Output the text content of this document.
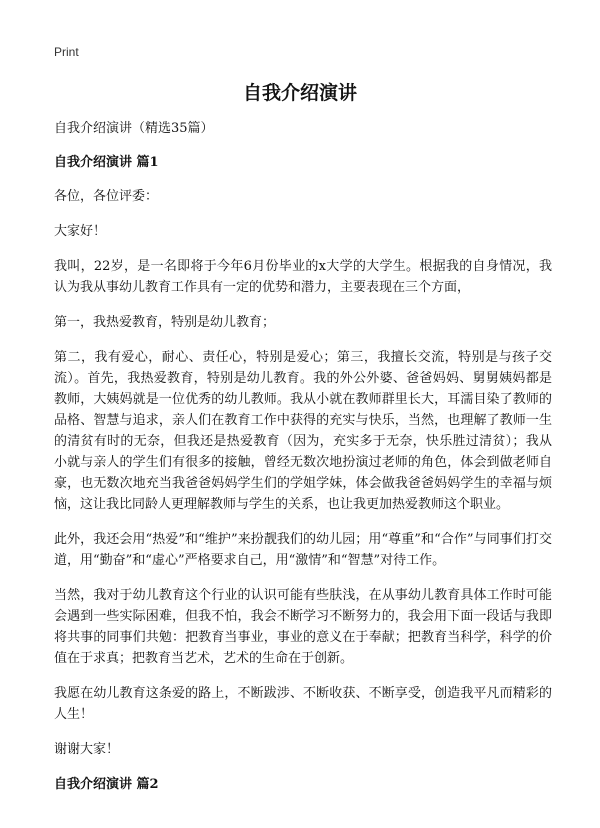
Print
自我介绍演讲

自我介绍演讲（精选35篇）

自我介绍演讲 篇1

各位，各位评委：

大家好！

我叫，22岁，是一名即将于今年6月份毕业的x大学的大学生。根据我的自身情况，我认为我从事幼儿教育工作具有一定的优势和潜力，主要表现在三个方面，

第一，我热爱教育，特别是幼儿教育；

第二，我有爱心，耐心、责任心，特别是爱心；第三，我擅长交流，特别是与孩子交流）。首先，我热爱教育，特别是幼儿教育。我的外公外婆、爸爸妈妈、舅舅姨妈都是教师，大姨妈就是一位优秀的幼儿教师。我从小就在教师群里长大，耳濡目染了教师的品格、智慧与追求，亲人们在教育工作中获得的充实与快乐，当然，也理解了教师一生的清贫有时的无奈，但我还是热爱教育（因为，充实多于无奈，快乐胜过清贫）；我从小就与亲人的学生们有很多的接触，曾经无数次地扮演过老师的角色，体会到做老师自豪，也无数次地充当我爸爸妈妈学生们的学姐学妹，体会做我爸爸妈妈学生的幸福与烦恼，这让我比同龄人更理解教师与学生的关系，也让我更加热爱教师这个职业。

此外，我还会用“热爱”和“维护”来扮靓我们的幼儿园；用“尊重”和“合作”与同事们打交道，用“勤奋”和“虚心”严格要求自己，用“激情”和“智慧”对待工作。

当然，我对于幼儿教育这个行业的认识可能有些肤浅，在从事幼儿教育具体工作时可能会遇到一些实际困难，但我不怕，我会不断学习不断努力的，我会用下面一段话与我即将共事的同事们共勉：把教育当事业，事业的意义在于奉献；把教育当科学，科学的价值在于求真；把教育当艺术，艺术的生命在于创新。

我愿在幼儿教育这条爱的路上，不断跋涉、不断收获、不断享受，创造我平凡而精彩的人生！

谢谢大家！

自我介绍演讲 篇2
